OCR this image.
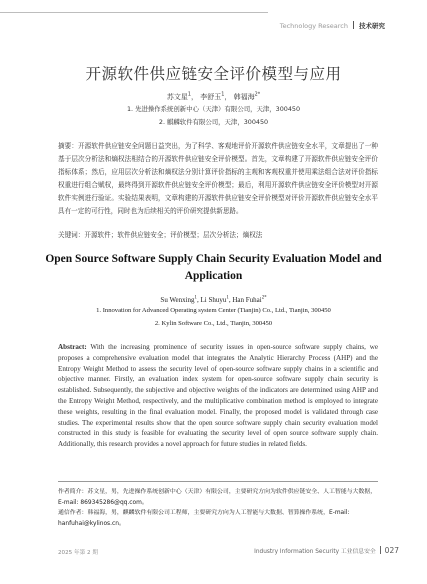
Technology Research 技术研究
开源软件供应链安全评价模型与应用
苏文星$^1$， 李舒玉$^1$， 韩福海$^{2*}$
1. 先进操作系统创新中心（天津）有限公司，天津，300450
2. 麒麟软件有限公司，天津，300450
摘要：开源软件供应链安全问题日益突出，为了科学、客观地评价开源软件供应链安全水平，文章提出了一种基于层次分析法和熵权法相结合的开源软件供应链安全评价模型。首先，文章构建了开源软件供应链安全评价指标体系；然后，应用层次分析法和熵权法分别计算评价指标的主观和客观权重并使用乘法组合法对评价指标权重进行组合赋权，最终得到开源软件供应链安全评价模型；最后，利用开源软件供应链安全评价模型对开源软件实例进行验证。实验结果表明，文章构建的开源软件供应链安全评价模型对评价开源软件供应链安全水平具有一定的可行性，同时也为后续相关的评价研究提供新思路。
关键词：开源软件；软件供应链安全；评价模型；层次分析法；熵权法
Open Source Software Supply Chain Security Evaluation Model and Application
Su Wenxing$^1$, Li Shuyu$^1$, Han Fuhai$^{2*}$
1. Innovation for Advanced Operating system Center (Tianjin) Co., Ltd., Tianjin, 300450
2. Kylin Software Co., Ltd., Tianjin, 300450
Abstract: With the increasing prominence of security issues in open-source software supply chains, we proposes a comprehensive evaluation model that integrates the Analytic Hierarchy Process (AHP) and the Entropy Weight Method to assess the security level of open-source software supply chains in a scientific and objective manner. Firstly, an evaluation index system for open-source software supply chain security is established. Subsequently, the subjective and objective weights of the indicators are determined using AHP and the Entropy Weight Method, respectively, and the multiplicative combination method is employed to integrate these weights, resulting in the final evaluation model. Finally, the proposed model is validated through case studies. The experimental results show that the open source software supply chain security evaluation model constructed in this study is feasible for evaluating the security level of open source software supply chain. Additionally, this research provides a novel approach for future studies in related fields.
作者简介：苏文星，男，先进操作系统创新中心（天津）有限公司，主要研究方向为软件供应链安全、人工智能与大数据，E-mail: 869345286@qq.com。
通信作者：韩福海，男，麒麟软件有限公司工程师，主要研究方向为人工智能与大数据、智算操作系统，E-mail: hanfuhai@kylinos.cn。
2025 年第 2 期	Industry Information Security 工业信息安全 027
